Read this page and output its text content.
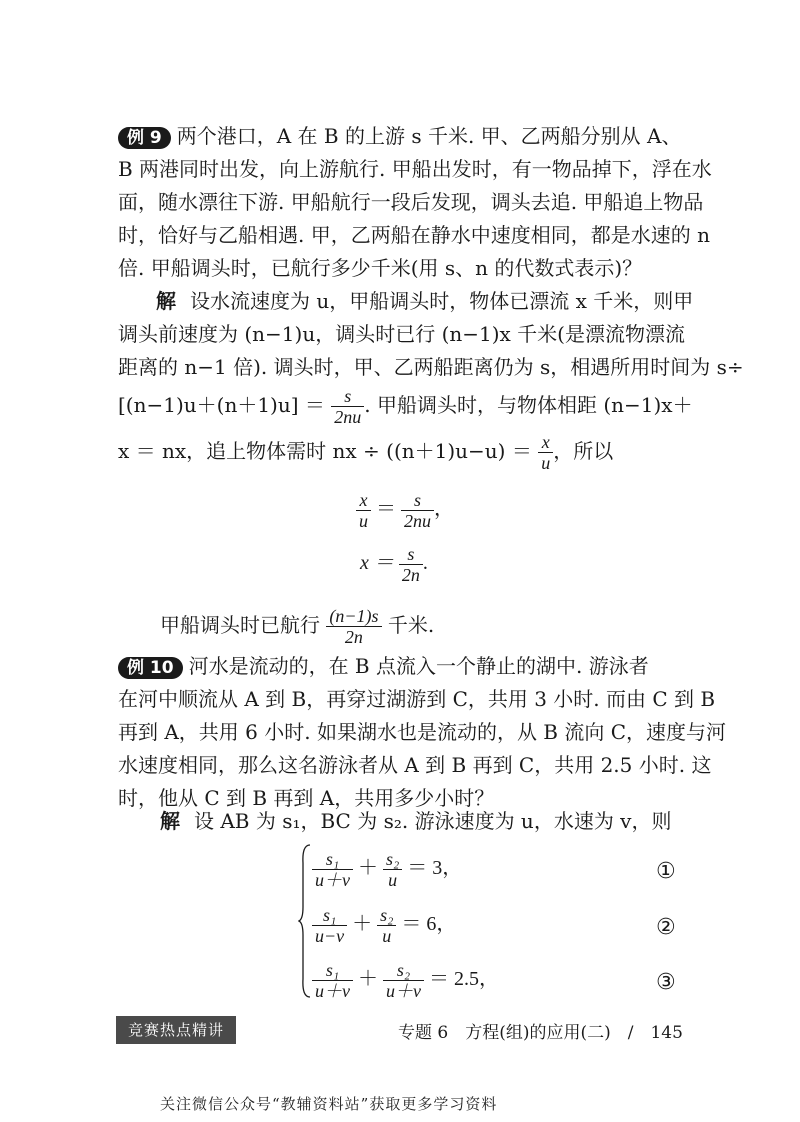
例 9 两个港口，A 在 B 的上游 s 千米. 甲、乙两船分别从 A、
B 两港同时出发，向上游航行. 甲船出发时，有一物品掉下，浮在水
面，随水漂往下游. 甲船航行一段后发现，调头去追. 甲船追上物品
时，恰好与乙船相遇. 甲，乙两船在静水中速度相同，都是水速的 n
倍. 甲船调头时，已航行多少千米(用 s、n 的代数式表示)？
解 设水流速度为 u，甲船调头时，物体已漂流 x 千米，则甲
调头前速度为 (n−1)u，调头时已行 (n−1)x 千米(是漂流物漂流
距离的 n−1 倍). 调头时，甲、乙两船距离仍为 s，相遇所用时间为 s÷
$[(n-1)u+(n+1)u] = \frac{s}{2nu}$ . 甲船调头时，与物体相距 (n−1)x＋
x ＝ nx，追上物体需时 nx ÷ $((n+1)u-u) = \frac{x}{u}$ ，所以
$\frac{x}{u} = \frac{s}{2nu}$ ，
$x = \frac{s}{2n}$ .
甲船调头时已航行 $\frac{(n-1)s}{2n}$ 千米.
例 10 河水是流动的，在 B 点流入一个静止的湖中. 游泳者
在河中顺流从 A 到 B，再穿过湖游到 C，共用 3 小时. 而由 C 到 B
再到 A，共用 6 小时. 如果湖水也是流动的，从 B 流向 C，速度与河
水速度相同，那么这名游泳者从 A 到 B 再到 C，共用 2.5 小时. 这
时，他从 C 到 B 再到 A，共用多少小时？
解 设 AB 为 s₁，BC 为 s₂. 游泳速度为 u，水速为 v，则
$\frac{\text{s₁}}{u+v} + \frac{\text{s₂}}{u} = 3$，	①
$\frac{\text{s₁}}{u-v} + \frac{\text{s₂}}{u} = 6$，	②
$\frac{\text{s₁}}{u+v} + \frac{\text{s₂}}{u+v} = 2.5$，	③
竞赛热点精讲	专题 6　方程(组)的应用(二)　/　145
关注微信公众号“教辅资料站”获取更多学习资料
